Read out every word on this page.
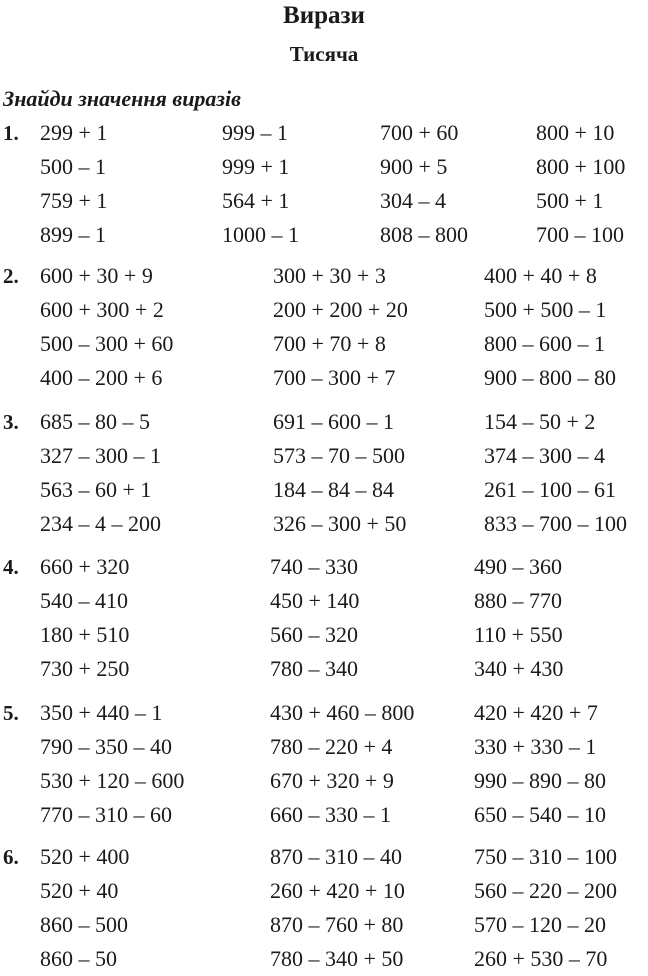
Вирази
Тисяча
Знайди значення виразів
1. 299 + 1	999 – 1	700 + 60	800 + 10
500 – 1	999 + 1	900 + 5	800 + 100
759 + 1	564 + 1	304 – 4	500 + 1
899 – 1	1000 – 1	808 – 800	700 – 100
2. 600 + 30 + 9	300 + 30 + 3	400 + 40 + 8
600 + 300 + 2	200 + 200 + 20	500 + 500 – 1
500 – 300 + 60	700 + 70 + 8	800 – 600 – 1
400 – 200 + 6	700 – 300 + 7	900 – 800 – 80
3. 685 – 80 – 5	691 – 600 – 1	154 – 50 + 2
327 – 300 – 1	573 – 70 – 500	374 – 300 – 4
563 – 60 + 1	184 – 84 – 84	261 – 100 – 61
234 – 4 – 200	326 – 300 + 50	833 – 700 – 100
4. 660 + 320	740 – 330	490 – 360
540 – 410	450 + 140	880 – 770
180 + 510	560 – 320	110 + 550
730 + 250	780 – 340	340 + 430
5. 350 + 440 – 1	430 + 460 – 800	420 + 420 + 7
790 – 350 – 40	780 – 220 + 4	330 + 330 – 1
530 + 120 – 600	670 + 320 + 9	990 – 890 – 80
770 – 310 – 60	660 – 330 – 1	650 – 540 – 10
6. 520 + 400	870 – 310 – 40	750 – 310 – 100
520 + 40	260 + 420 + 10	560 – 220 – 200
860 – 500	870 – 760 + 80	570 – 120 – 20
860 – 50	780 – 340 + 50	260 + 530 – 70
